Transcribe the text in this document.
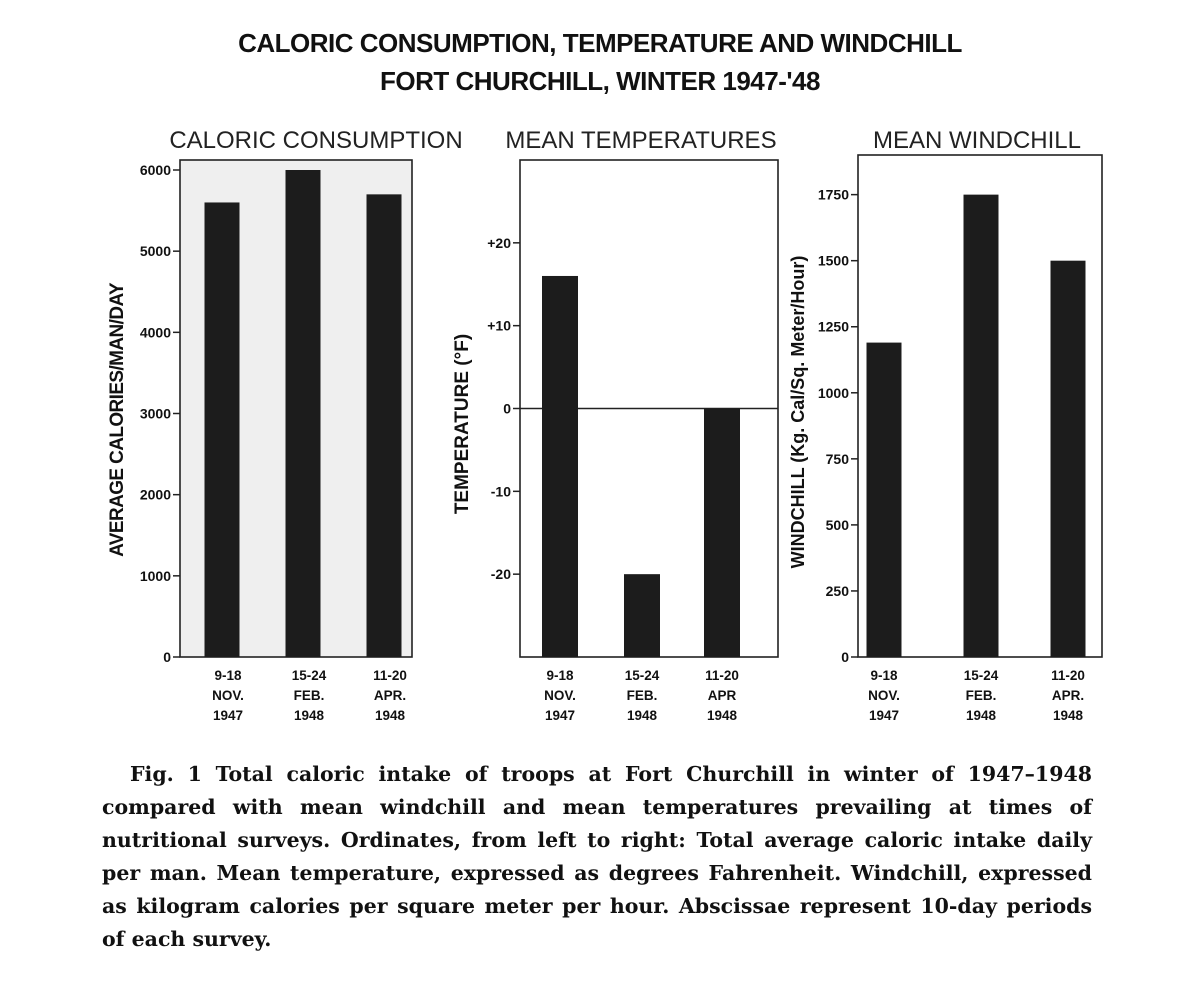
CALORIC CONSUMPTION, TEMPERATURE AND WINDCHILL
FORT CHURCHILL, WINTER 1947-'48
CALORIC CONSUMPTION
AVERAGE CALORIES/MAN/DAY
0
1000
2000
3000
4000
5000
6000
9-18
NOV.
1947
15-24
FEB.
1948
11-20
APR.
1948
MEAN TEMPERATURES
TEMPERATURE (°F)
-20
-10
0
+10
+20
9-18
NOV.
1947
15-24
FEB.
1948
11-20
APR
1948
MEAN WINDCHILL
WINDCHILL (Kg. Cal/Sq. Meter/Hour)
0
250
500
750
1000
1250
1500
1750
9-18
NOV.
1947
15-24
FEB.
1948
11-20
APR.
1948

Fig. 1 Total caloric intake of troops at Fort Churchill in winter of 1947–1948 compared with mean windchill and mean temperatures prevailing at times of nutritional surveys. Ordinates, from left to right: Total average caloric intake daily per man. Mean temperature, expressed as degrees Fahrenheit. Windchill, expressed as kilogram calories per square meter per hour. Abscissae represent 10-day periods of each survey.
